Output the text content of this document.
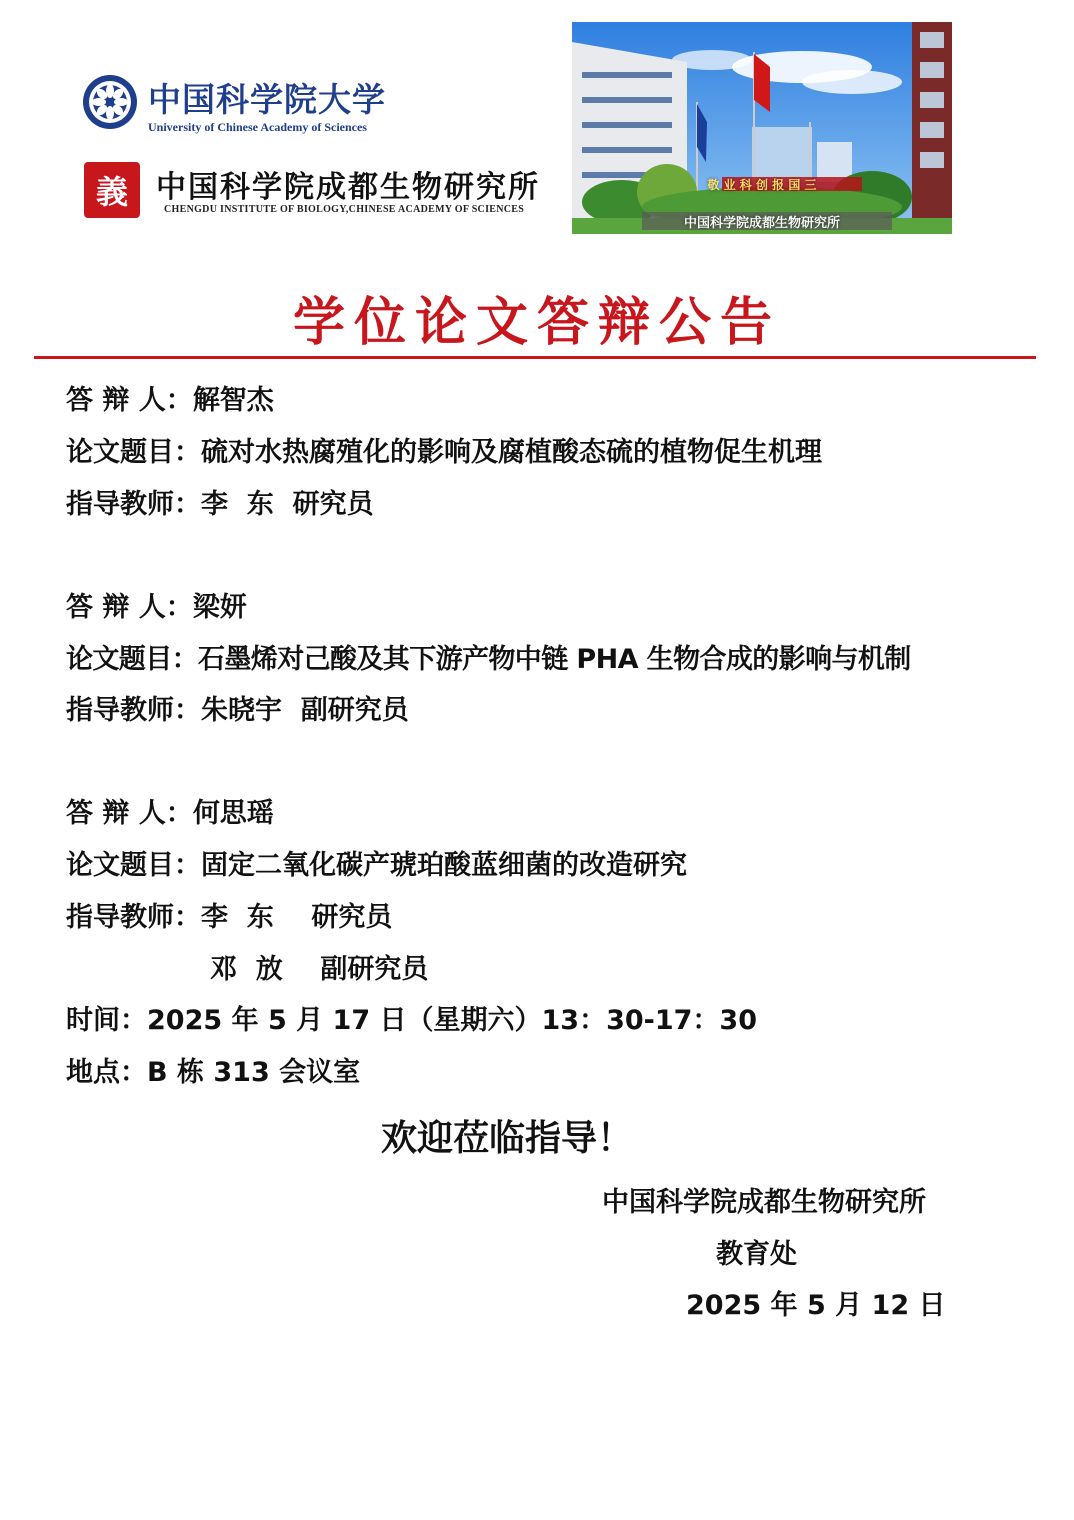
中国科学院大学
University of Chinese Academy of Sciences
義 中国科学院成都生物研究所
CHENGDU INSTITUTE OF BIOLOGY,CHINESE ACADEMY OF SCIENCES
敬 业 科 创 报 国 三
中国科学院成都生物研究所
学位论文答辩公告
答 辩 人：解智杰
论文题目：硫对水热腐殖化的影响及腐植酸态硫的植物促生机理
指导教师：李  东  研究员
答 辩 人：梁妍
论文题目：石墨烯对己酸及其下游产物中链 PHA 生物合成的影响与机制
指导教师：朱晓宇  副研究员
答 辩 人：何思瑶
论文题目：固定二氧化碳产琥珀酸蓝细菌的改造研究
指导教师：李  东    研究员
邓  放    副研究员
时间：2025 年 5 月 17 日（星期六）13：30-17：30
地点：B 栋 313 会议室
欢迎莅临指导！
中国科学院成都生物研究所
教育处
2025 年 5 月 12 日
